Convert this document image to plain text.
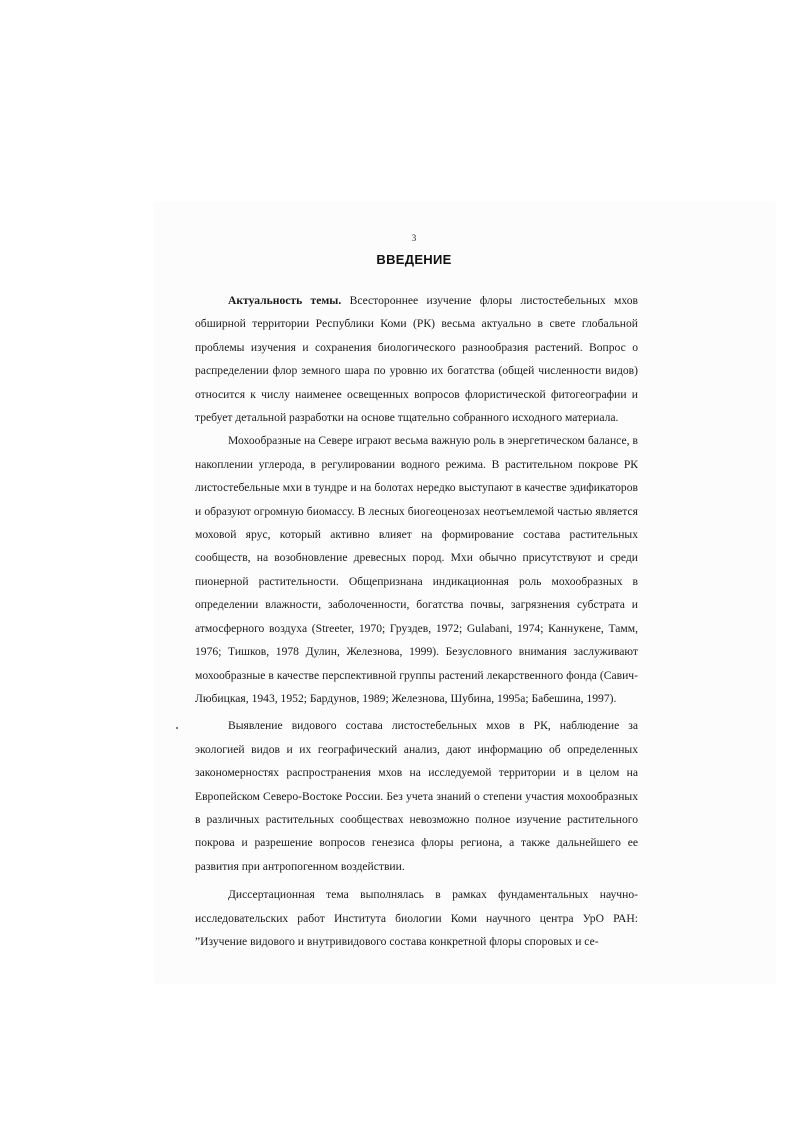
3
ВВЕДЕНИЕ

Актуальность темы. Всестороннее изучение флоры листостебельных мхов обширной территории Республики Коми (РК) весьма актуально в свете глобальной проблемы изучения и сохранения биологического разнообразия растений. Вопрос о распределении флор земного шара по уровню их богатства (общей численности видов) относится к числу наименее освещенных вопросов флористической фитогеографии и требует детальной разработки на основе тщательно собранного исходного материала.

Мохообразные на Севере играют весьма важную роль в энергетическом балансе, в накоплении углерода, в регулировании водного режима. В растительном покрове РК листостебельные мхи в тундре и на болотах нередко выступают в качестве эдификаторов и образуют огромную биомассу. В лесных биогеоценозах неотъемлемой частью является моховой ярус, который активно влияет на формирование состава растительных сообществ, на возобновление древесных пород. Мхи обычно присутствуют и среди пионерной растительности. Общепризнана индикационная роль мохообразных в определении влажности, заболоченности, богатства почвы, загрязнения субстрата и атмосферного воздуха (Streeter, 1970; Груздев, 1972; Gulabani, 1974; Каннукене, Тамм, 1976; Тишков, 1978 Дулин, Железнова, 1999). Безусловного внимания заслуживают мохообразные в качестве перспективной группы растений лекарственного фонда (Савич-Любицкая, 1943, 1952; Бардунов, 1989; Железнова, Шубина, 1995а; Бабешина, 1997).

Выявление видового состава листостебельных мхов в РК, наблюдение за экологией видов и их географический анализ, дают информацию об определенных закономерностях распространения мхов на исследуемой территории и в целом на Европейском Северо-Востоке России. Без учета знаний о степени участия мохообразных в различных растительных сообществах невозможно полное изучение растительного покрова и разрешение вопросов генезиса флоры региона, а также дальнейшего ее развития при антропогенном воздействии.

Диссертационная тема выполнялась в рамках фундаментальных научно-исследовательских работ Института биологии Коми научного центра УрО РАН: ”Изучение видового и внутривидового состава конкретной флоры споровых и се-
